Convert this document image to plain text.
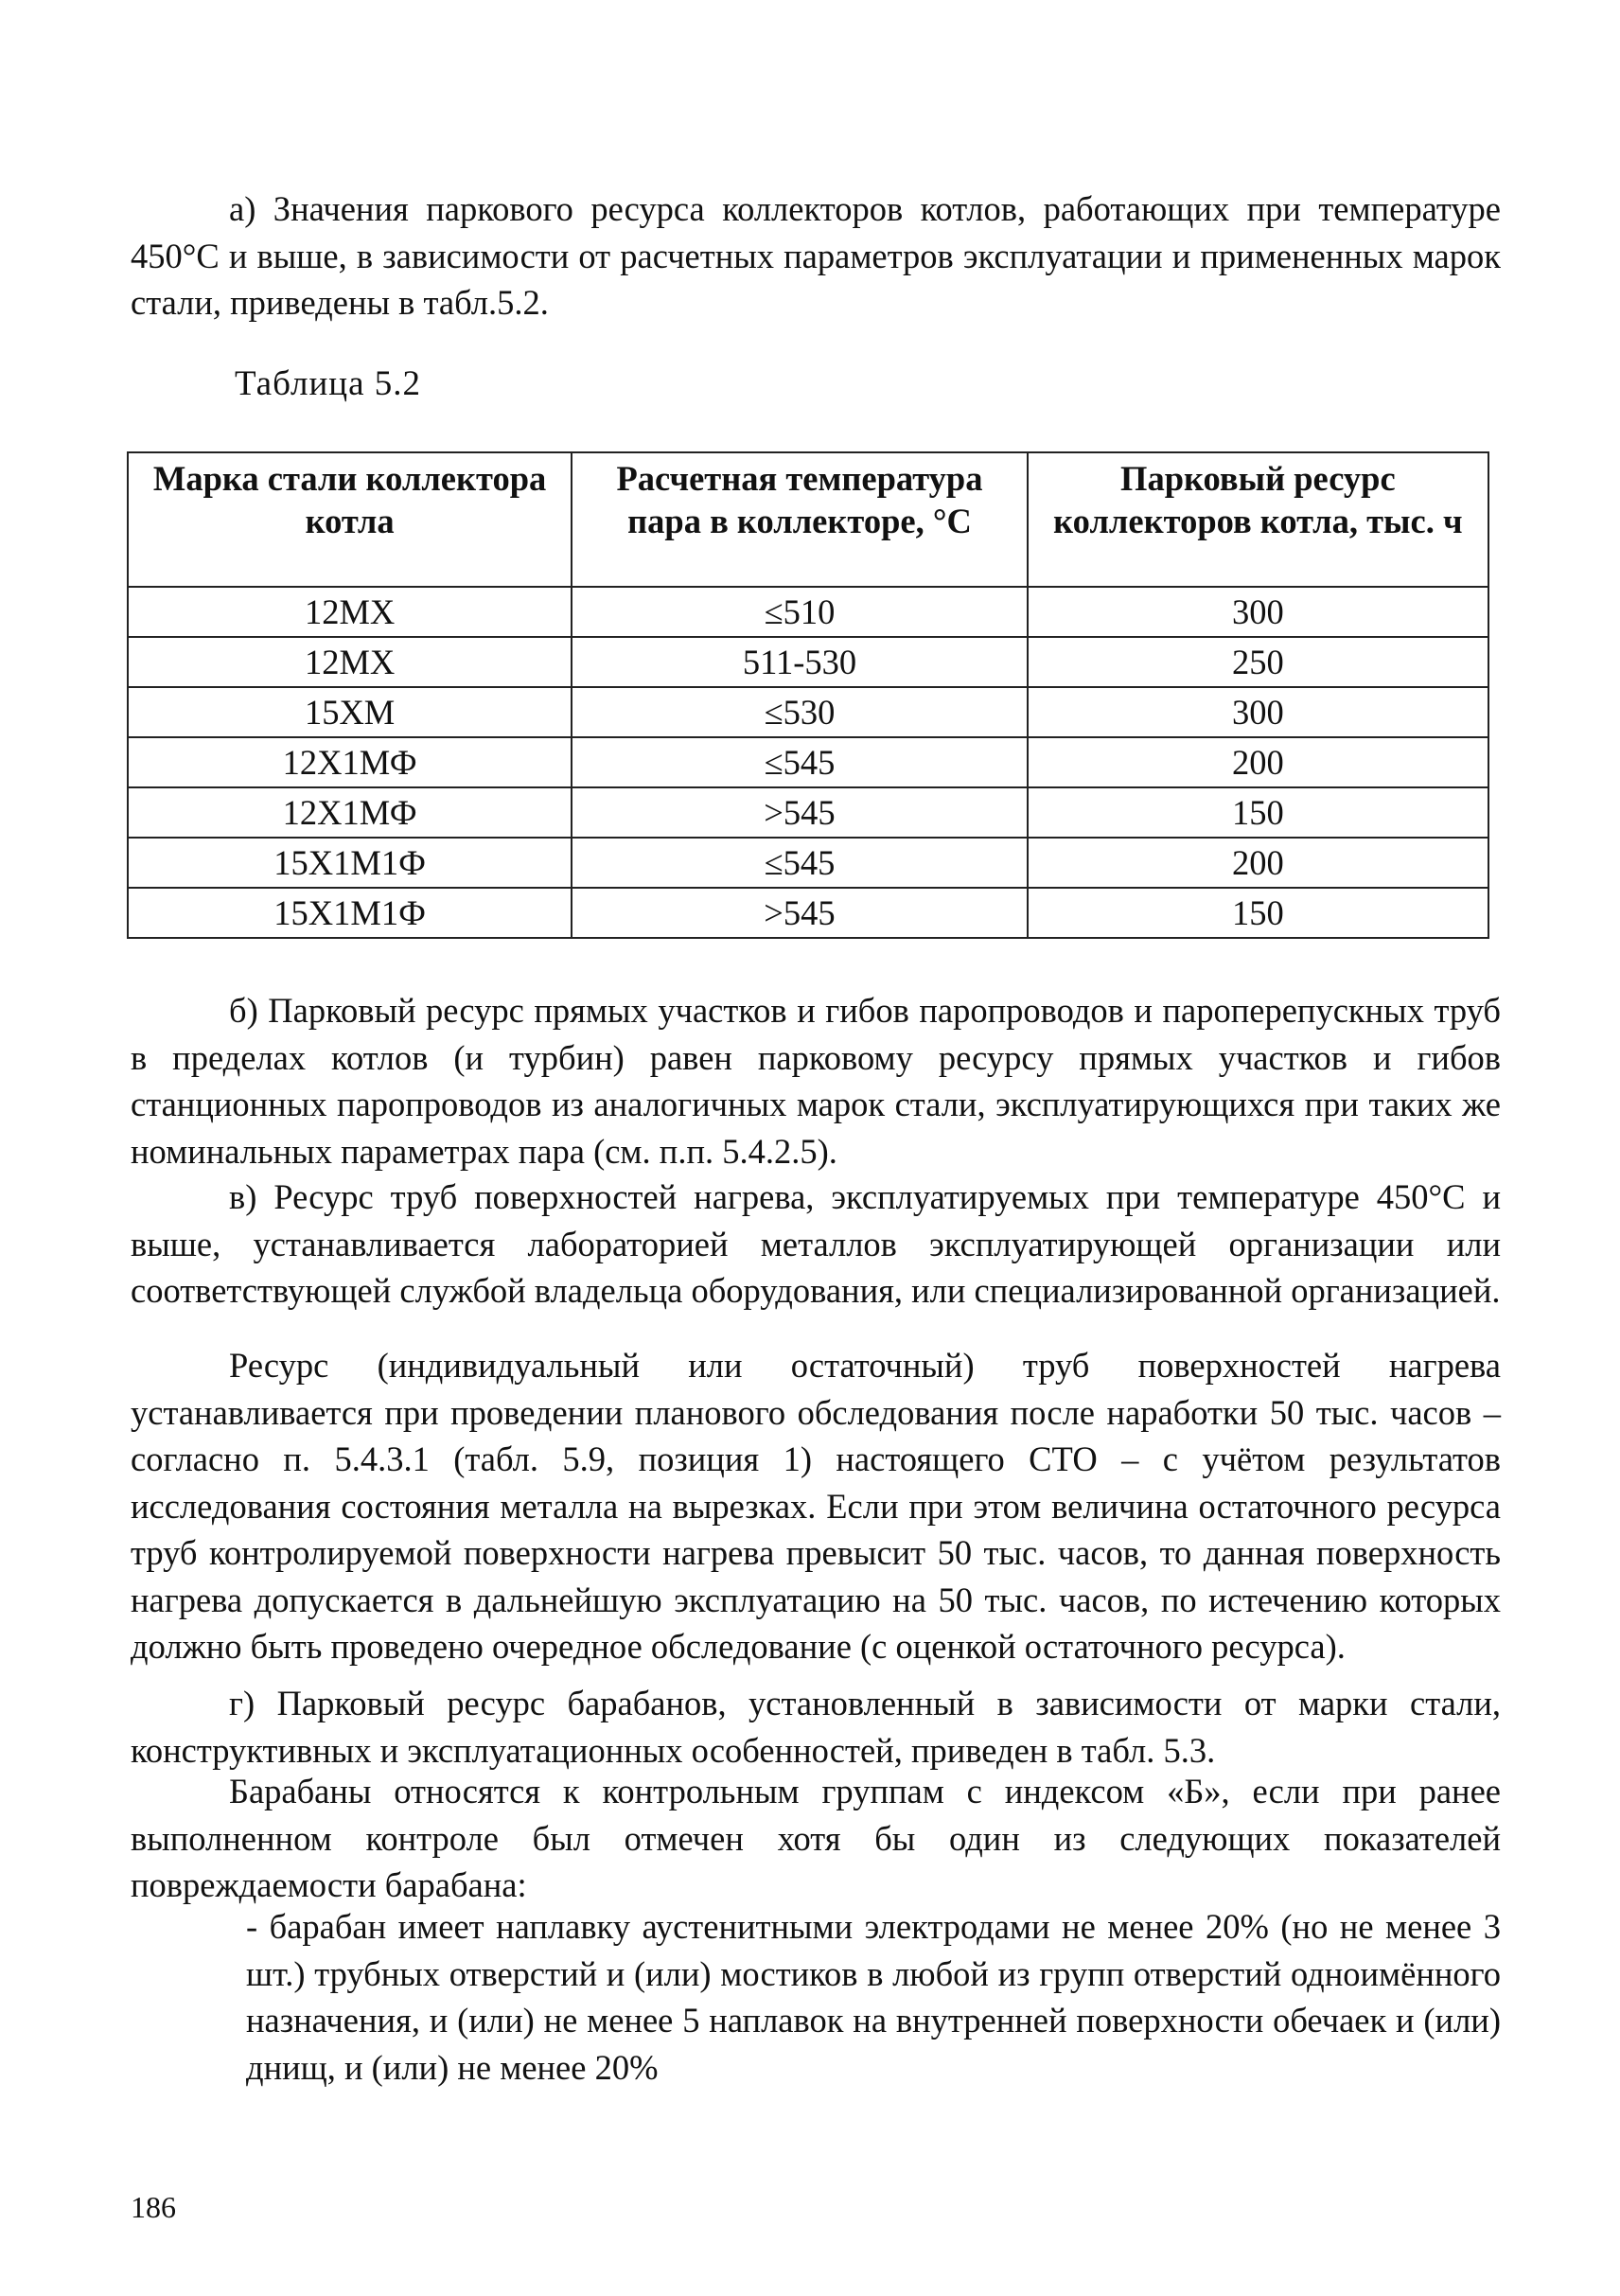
а) Значения паркового ресурса коллекторов котлов, работающих при температуре 450°С и выше, в зависимости от расчетных параметров эксплуатации и примененных марок стали, приведены в табл.5.2.

Таблица 5.2

Марка стали коллектора котла	Расчетная температура пара в коллекторе, °С	Парковый ресурс коллекторов котла, тыс. ч
12МХ	≤510	300
12МХ	511-530	250
15ХМ	≤530	300
12Х1МФ	≤545	200
12Х1МФ	>545	150
15Х1М1Ф	≤545	200
15Х1М1Ф	>545	150

б) Парковый ресурс прямых участков и гибов паропроводов и пароперепускных труб в пределах котлов (и турбин) равен парковому ресурсу прямых участков и гибов станционных паропроводов из аналогичных марок стали, эксплуатирующихся при таких же номинальных параметрах пара (см. п.п. 5.4.2.5).

в) Ресурс труб поверхностей нагрева, эксплуатируемых при температуре 450°С и выше, устанавливается лабораторией металлов эксплуатирующей организации или соответствующей службой владельца оборудования, или специализированной организацией.

Ресурс (индивидуальный или остаточный) труб поверхностей нагрева устанавливается при проведении планового обследования после наработки 50 тыс. часов – согласно п. 5.4.3.1 (табл. 5.9, позиция 1) настоящего СТО – с учётом результатов исследования состояния металла на вырезках. Если при этом величина остаточного ресурса труб контролируемой поверхности нагрева превысит 50 тыс. часов, то данная поверхность нагрева допускается в дальнейшую эксплуатацию на 50 тыс. часов, по истечению которых должно быть проведено очередное обследование (с оценкой остаточного ресурса).

г) Парковый ресурс барабанов, установленный в зависимости от марки стали, конструктивных и эксплуатационных особенностей, приведен в табл. 5.3.

Барабаны относятся к контрольным группам с индексом «Б», если при ранее выполненном контроле был отмечен хотя бы один из следующих показателей повреждаемости барабана:

- барабан имеет наплавку аустенитными электродами не менее 20% (но не менее 3 шт.) трубных отверстий и (или) мостиков в любой из групп отверстий одноимённого назначения, и (или) не менее 5 наплавок на внутренней поверхности обечаек и (или) днищ, и (или) не менее 20%

186
